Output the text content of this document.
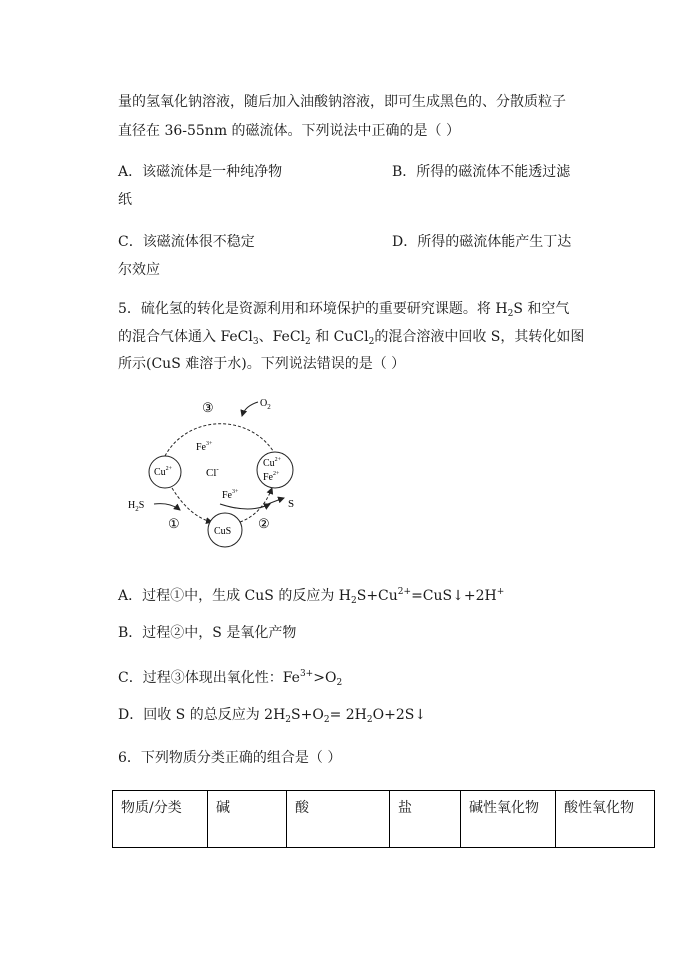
量的氢氧化钠溶液，随后加入油酸钠溶液，即可生成黑色的、分散质粒子

直径在 36-55nm 的磁流体。下列说法中正确的是（ ）

A．该磁流体是一种纯净物	B．所得的磁流体不能透过滤
纸
C．该磁流体很不稳定	D．所得的磁流体能产生丁达
尔效应

5．硫化氢的转化是资源利用和环境保护的重要研究课题。将 $H_2S$ 和空气

的混合气体通入 FeCl$_3$、FeCl$_2$ 和 CuCl$_2$的混合溶液中回收 S，其转化如图

所示(CuS 难溶于水)。下列说法错误的是（ ）

③	$O_2$
$Fe^{3+}$
Cl-
$Cu^{2+}$	$Cu^{2+}$
$Fe^{2+}$
$Fe^{3+}$
$H_2S$	S
①	②
CuS
A．过程①中，生成 CuS 的反应为 $H_2S+Cu^{2+}=CuS↓+2H^+$
B．过程②中，S 是氧化产物
C．过程③体现出氧化性：$Fe^{3+}>O_2$
D．回收 S 的总反应为 $2H_2S+O_2=$ $2H_2O+2S↓$
6．下列物质分类正确的组合是（ ）
物质/分类	碱	酸	盐	碱性氧化物	酸性氧化物
